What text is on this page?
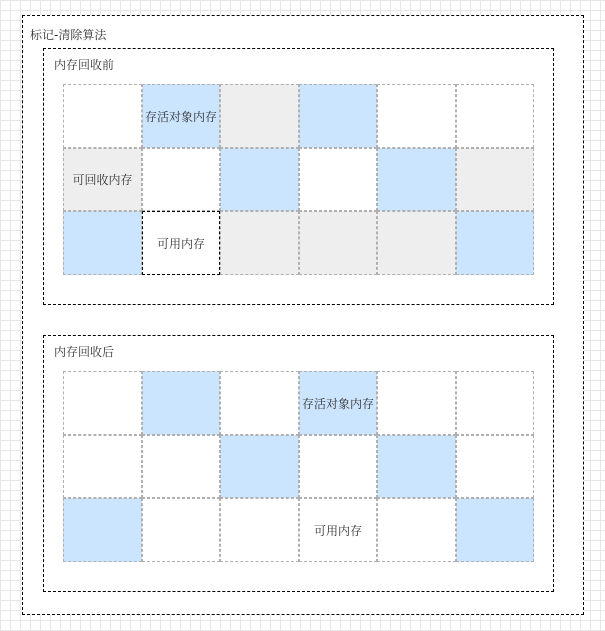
标记-清除算法
内存回收前
存活对象内存
可回收内存
可用内存
内存回收后
存活对象内存
可用内存
